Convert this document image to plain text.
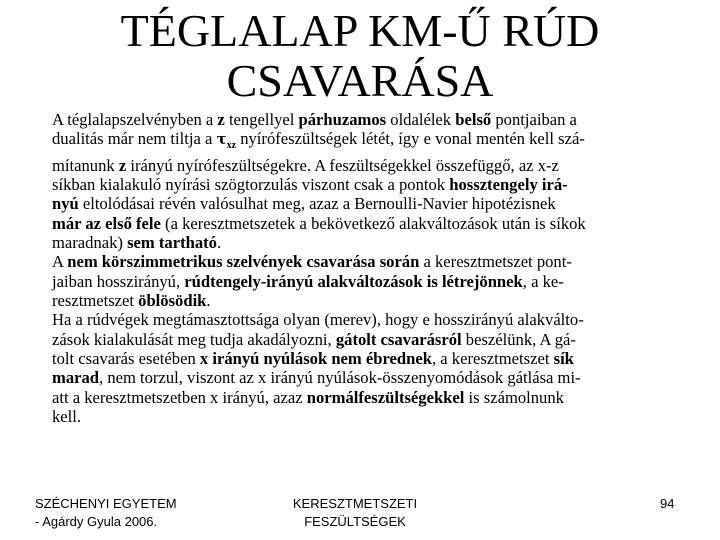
TÉGLALAP KM-Ű RÚD
CSAVARÁSA
A téglalapszelvényben a z tengellyel párhuzamos oldalélek belső pontjaiban a
dualitás már nem tiltja a $\tau_{xz}$ nyírófeszültségek létét, így e vonal mentén kell szá-
mítanunk z irányú nyírófeszültségekre. A feszültségekkel összefüggő, az x-z
síkban kialakuló nyírási szögtorzulás viszont csak a pontok hossztengely irá-
nyú eltolódásai révén valósulhat meg, azaz a Bernoulli-Navier hipotézisnek
már az első fele (a keresztmetszetek a bekövetkező alakváltozások után is síkok
maradnak) sem tartható.
A nem körszimmetrikus szelvények csavarása során a keresztmetszet pont-
jaiban hosszirányú, rúdtengely-irányú alakváltozások is létrejönnek, a ke-
resztmetszet öblösödik.
Ha a rúdvégek megtámasztottsága olyan (merev), hogy e hosszirányú alakválto-
zások kialakulását meg tudja akadályozni, gátolt csavarásról beszélünk, A gá-
tolt csavarás esetében x irányú nyúlások nem ébrednek, a keresztmetszet sík
marad, nem torzul, viszont az x irányú nyúlások-összenyomódások gátlása mi-
att a keresztmetszetben x irányú, azaz normálfeszültségekkel is számolnunk
kell.
SZÉCHENYI EGYETEM
- Agárdy Gyula 2006.
KERESZTMETSZETI
FESZÜLTSÉGEK
94
